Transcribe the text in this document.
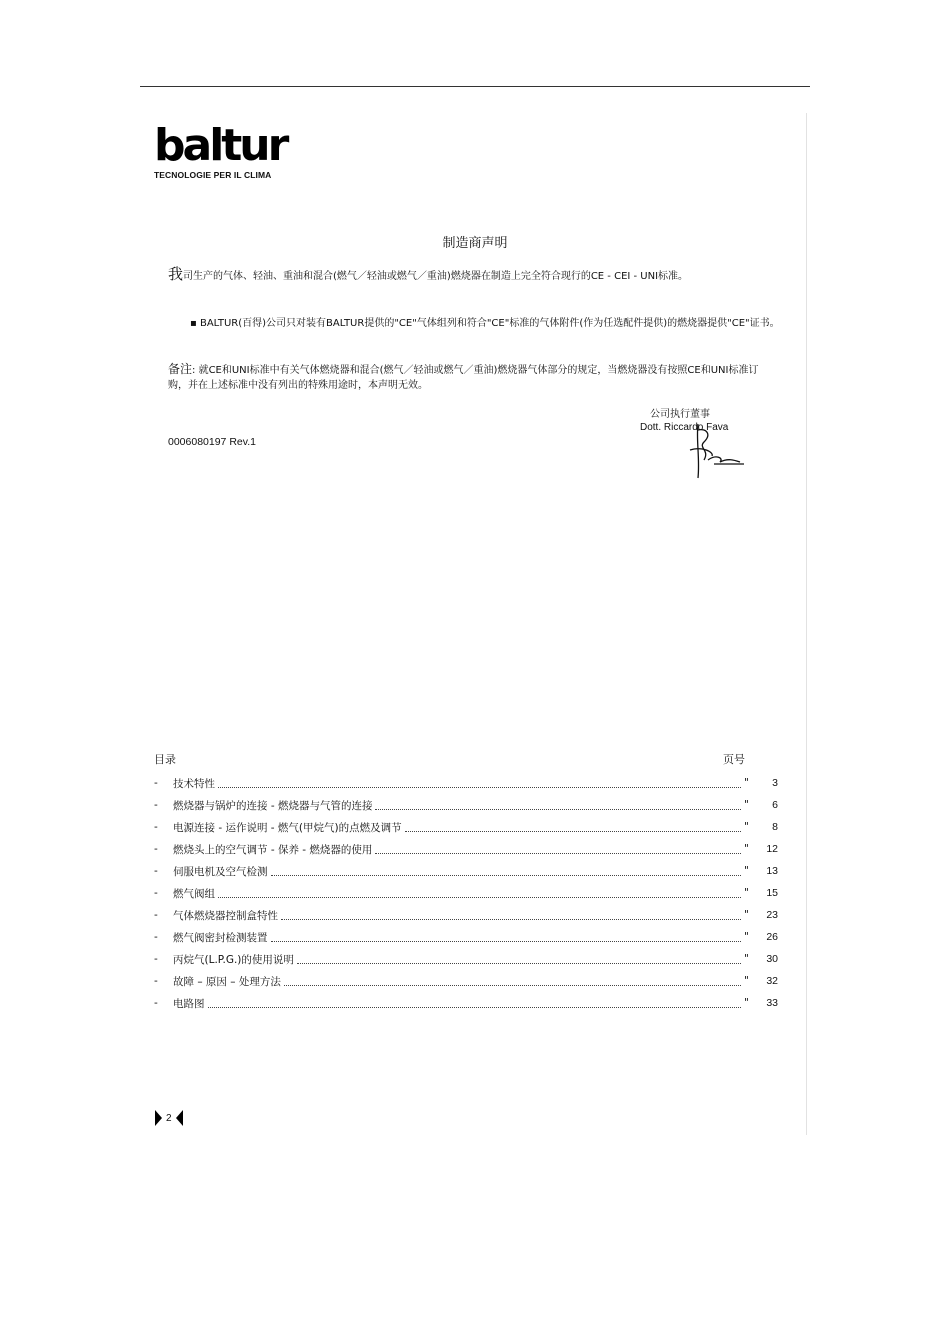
baltur
TECNOLOGIE PER IL CLIMA
制造商声明
我司生产的气体、轻油、重油和混合(燃气／轻油或燃气／重油)燃烧器在制造上完全符合现行的CE - CEI - UNI标准。
▪ BALTUR(百得)公司只对装有BALTUR提供的"CE"气体组列和符合"CE"标准的气体附件(作为任选配件提供)的燃烧器提供"CE"证书。
备注: 就CE和UNI标准中有关气体燃烧器和混合(燃气／轻油或燃气／重油)燃烧器气体部分的规定，当燃烧器没有按照CE和UNI标准订购，并在上述标准中没有列出的特殊用途时，本声明无效。
公司执行董事
Dott. Riccardo Fava
0006080197 Rev.1
目录	页号
-	技术特性	"	3
-	燃烧器与锅炉的连接 - 燃烧器与气管的连接	"	6
-	电源连接 - 运作说明 - 燃气(甲烷气)的点燃及调节	"	8
-	燃烧头上的空气调节 - 保养 - 燃烧器的使用	"	12
-	伺服电机及空气检测	"	13
-	燃气阀组	"	15
-	气体燃烧器控制盒特性	"	23
-	燃气阀密封检测装置	"	26
-	丙烷气(L.P.G.)的使用说明	"	30
-	故障 – 原因 – 处理方法	"	32
-	电路图	"	33
2
